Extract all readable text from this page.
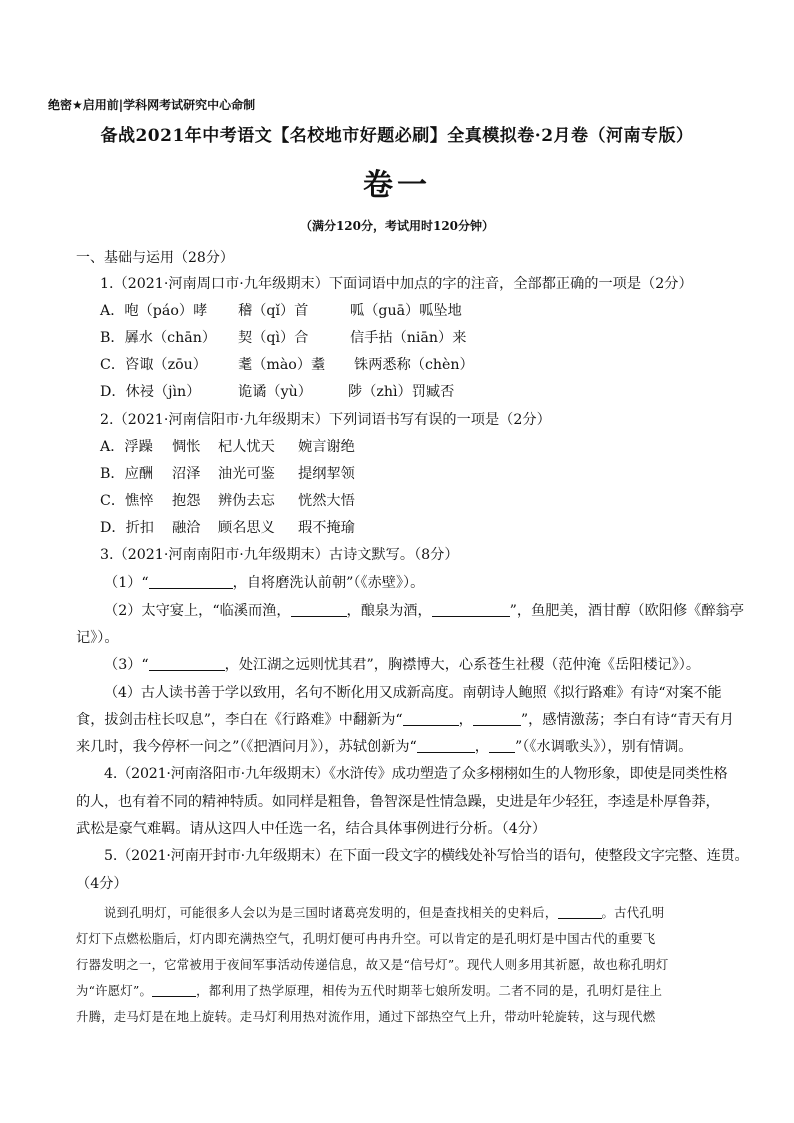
绝密★启用前|学科网考试研究中心命制
备战2021年中考语文【名校地市好题必刷】全真模拟卷·2月卷（河南专版）
卷一
（满分120分，考试用时120分钟）
一、基础与运用（28分）
1.（2021·河南周口市·九年级期末）下面词语中加点的字的注音，全部都正确的一项是（2分）
A．咆（páo）哮 稽（qǐ）首	呱（guā）呱坠地
B．羼水（chān） 契（qì）合	信手拈（niān）来
C．咨诹（zōu） 耄（mào）耋 铢两悉称（chèn）
D．休祲（jìn）	诡谲（yù）	陟（zhì）罚臧否
2.（2021·河南信阳市·九年级期末）下列词语书写有误的一项是（2分）
A．浮躁 惆怅 杞人忧天 婉言谢绝
B．应酬 沼泽 油光可鉴 提纲挈领
C．憔悴 抱怨 辨伪去忘 恍然大悟
D．折扣 融洽 顾名思义 瑕不掩瑜
3.（2021·河南南阳市·九年级期末）古诗文默写。（8分）
（1）“	，自将磨洗认前朝”（《赤壁》）。
（2）太守宴上，“临溪而渔，	，酿泉为酒，	”，鱼肥美，酒甘醇（欧阳修《醉翁亭
记》）。
（3）“	，处江湖之远则忧其君”，胸襟博大，心系苍生社稷（范仲淹《岳阳楼记》）。
（4）古人读书善于学以致用，名句不断化用又成新高度。南朝诗人鲍照《拟行路难》有诗“对案不能
食，拔剑击柱长叹息”，李白在《行路难》中翻新为“	，	”，感情激荡；李白有诗“青天有月
来几时，我今停杯一问之”（《把酒问月》），苏轼创新为“	， ”（《水调歌头》），别有情调。
4.（2021·河南洛阳市·九年级期末）《水浒传》成功塑造了众多栩栩如生的人物形象，即使是同类性格
的人，也有着不同的精神特质。如同样是粗鲁，鲁智深是性情急躁，史进是年少轻狂，李逵是朴厚鲁莽，
武松是豪气难羁。请从这四人中任选一名，结合具体事例进行分析。（4分）
5.（2021·河南开封市·九年级期末）在下面一段文字的横线处补写恰当的语句，使整段文字完整、连贯。
（4分）
说到孔明灯，可能很多人会以为是三国时诸葛亮发明的，但是查找相关的史料后，	。古代孔明
灯灯下点燃松脂后，灯内即充满热空气，孔明灯便可冉冉升空。可以肯定的是孔明灯是中国古代的重要飞
行器发明之一，它常被用于夜间军事活动传递信息，故又是“信号灯”。现代人则多用其祈愿，故也称孔明灯
为“许愿灯”。	，都利用了热学原理，相传为五代时期莘七娘所发明。二者不同的是，孔明灯是往上
升腾，走马灯是在地上旋转。走马灯利用热对流作用，通过下部热空气上升，带动叶轮旋转，这与现代燃
